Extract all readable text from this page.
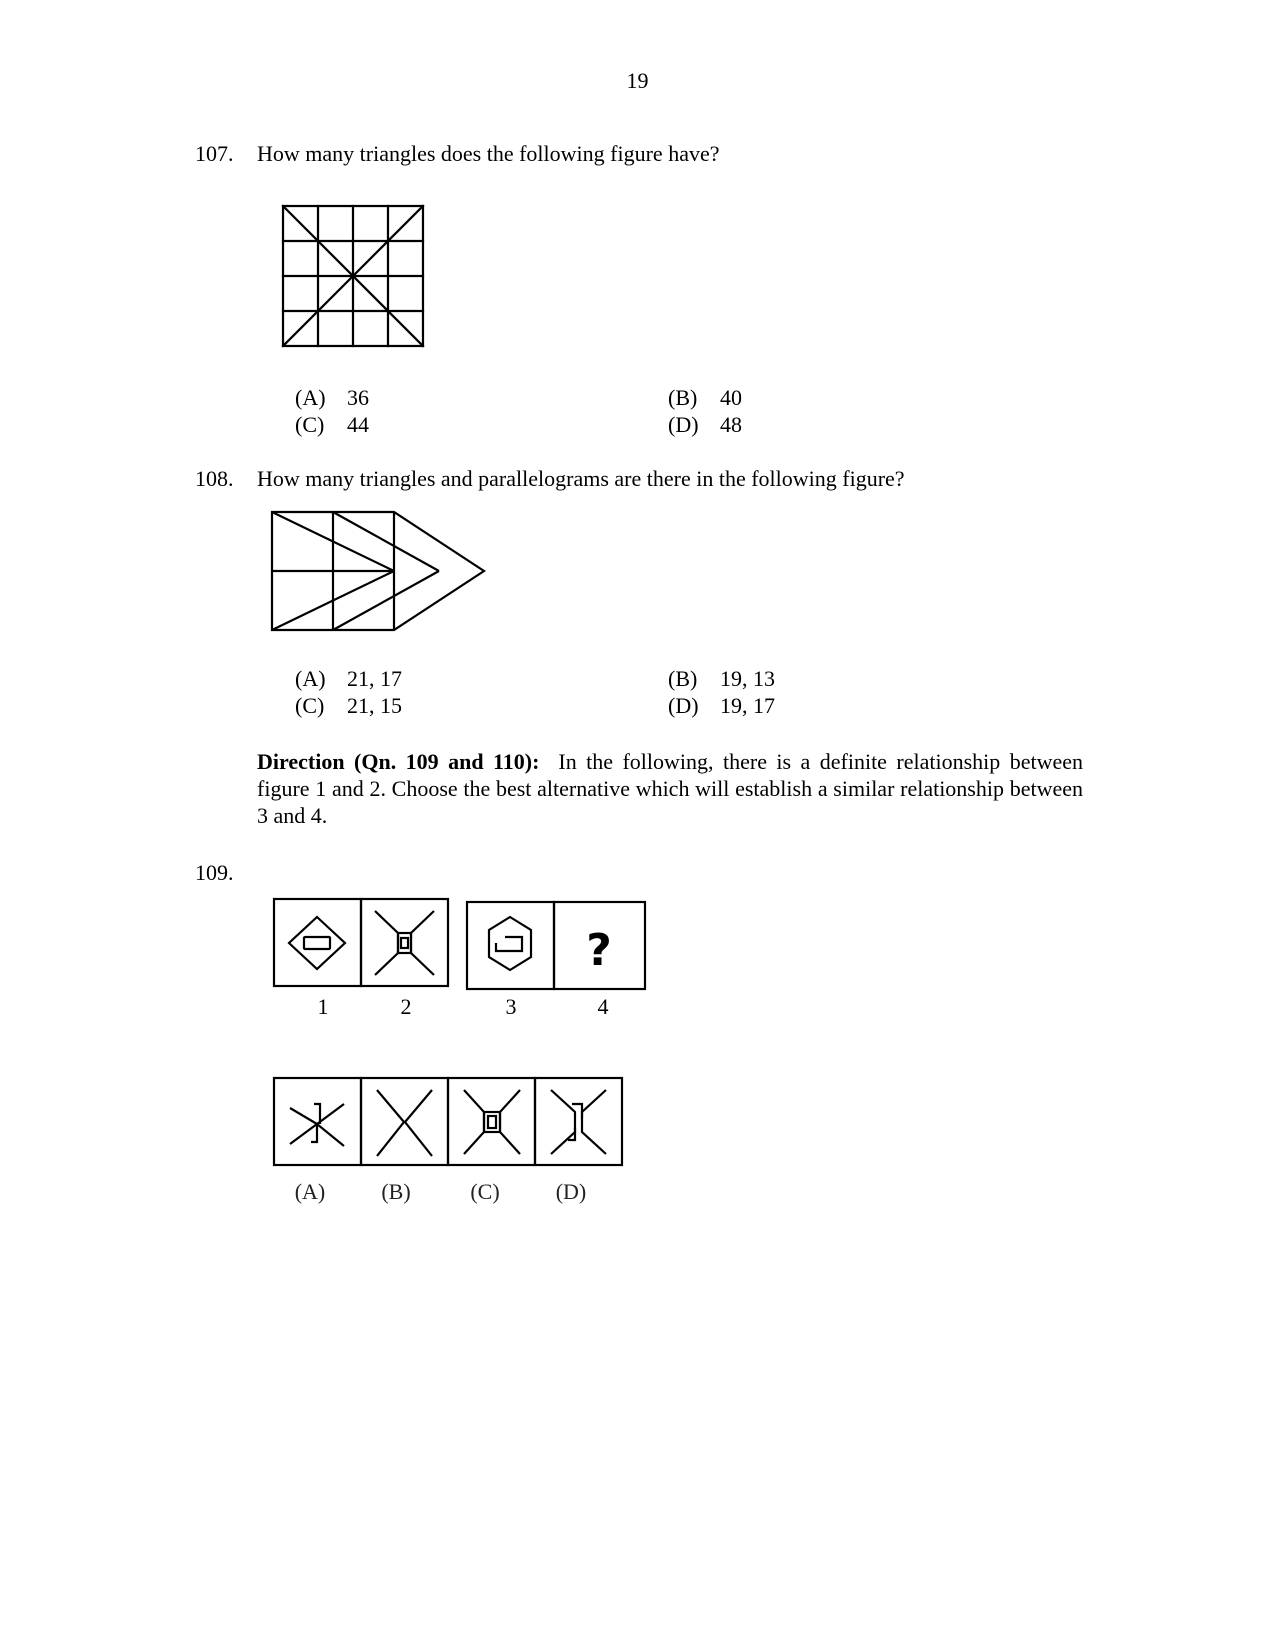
19
107. How many triangles does the following figure have?
(A) 36	(B) 40
(C) 44	(D) 48
108. How many triangles and parallelograms are there in the following figure?
(A) 21, 17	(B) 19, 13
(C) 21, 15	(D) 19, 17
Direction (Qn. 109 and 110): In the following, there is a definite relationship between figure 1 and 2. Choose the best alternative which will establish a similar relationship between 3 and 4.
109.
?
1	2	3	4
(A)	(B)	(C)	(D)
